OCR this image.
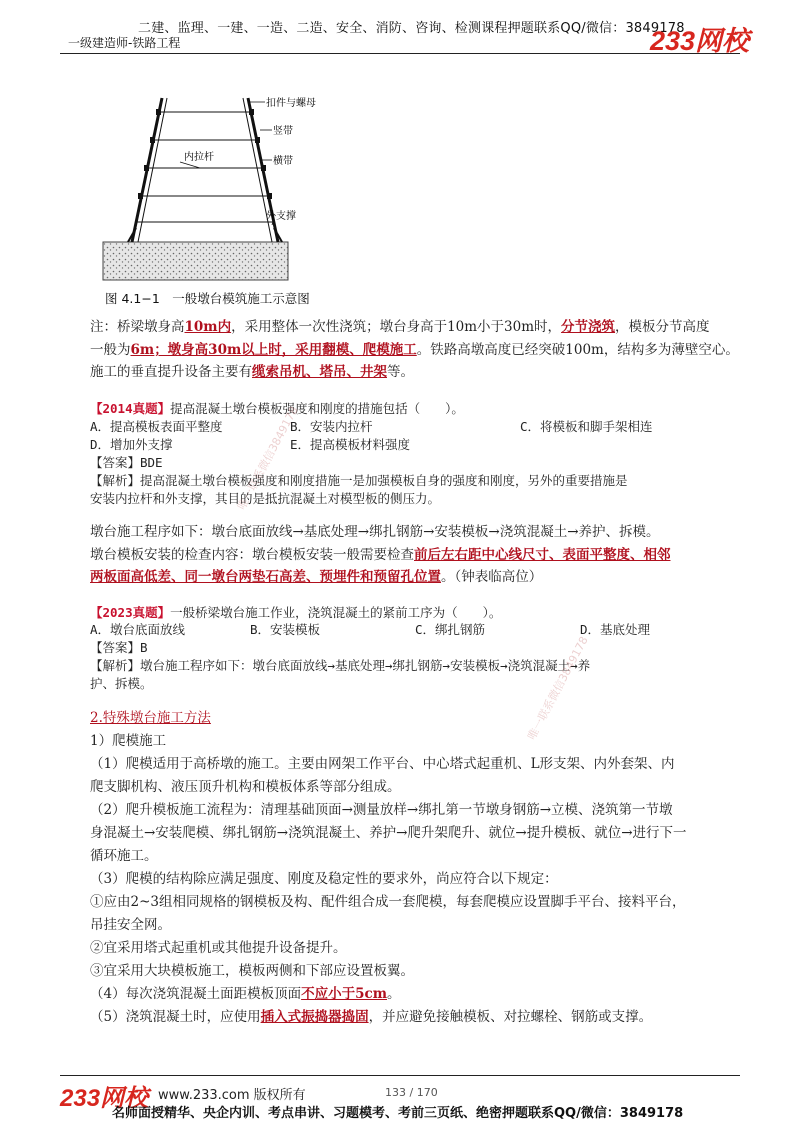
二建、监理、一建、一造、二造、安全、消防、咨询、检测课程押题联系QQ/微信：3849178
233网校
一级建造师-铁路工程
扣件与螺母
竖带
内拉杆	横带
外支撑
图 4.1−1　一般墩台模筑施工示意图
注：桥梁墩身高10m内，采用整体一次性浇筑；墩台身高于10m小于30m时，分节浇筑，模板分节高度
一般为6m；墩身高30m以上时，采用翻模、爬模施工。铁路高墩高度已经突破100m，结构多为薄壁空心。
施工的垂直提升设备主要有缆索吊机、塔吊、井架等。
【2014真题】提高混凝土墩台模板强度和刚度的措施包括（　　）。
A．提高模板表面平整度	B．安装内拉杆	C．将模板和脚手架相连
D．增加外支撑	E．提高模板材料强度
【答案】BDE
【解析】提高混凝土墩台模板强度和刚度措施一是加强模板自身的强度和刚度，另外的重要措施是
安装内拉杆和外支撑，其目的是抵抗混凝土对模型板的侧压力。
墩台施工程序如下：墩台底面放线→基底处理→绑扎钢筋→安装模板→浇筑混凝土→养护、拆模。
墩台模板安装的检查内容：墩台模板安装一般需要检查前后左右距中心线尺寸、表面平整度、相邻
两板面高低差、同一墩台两垫石高差、预埋件和预留孔位置。（钟表临高位）
【2023真题】一般桥梁墩台施工作业，浇筑混凝土的紧前工序为（　　）。
A．墩台底面放线	B．安装模板	C．绑扎钢筋	D．基底处理
【答案】B
【解析】墩台施工程序如下：墩台底面放线→基底处理→绑扎钢筋→安装模板→浇筑混凝土→养
护、拆模。
2.特殊墩台施工方法
1）爬模施工
（1）爬模适用于高桥墩的施工。主要由网架工作平台、中心塔式起重机、L形支架、内外套架、内
爬支脚机构、液压顶升机构和模板体系等部分组成。
（2）爬升模板施工流程为：清理基础顶面→测量放样→绑扎第一节墩身钢筋→立模、浇筑第一节墩
身混凝土→安装爬模、绑扎钢筋→浇筑混凝土、养护→爬升架爬升、就位→提升模板、就位→进行下一
循环施工。
（3）爬模的结构除应满足强度、刚度及稳定性的要求外，尚应符合以下规定：
①应由2~3组相同规格的钢模板及构、配件组合成一套爬模，每套爬模应设置脚手平台、接料平台，
吊挂安全网。
②宜采用塔式起重机或其他提升设备提升。
③宜采用大块模板施工，模板两侧和下部应设置板翼。
（4）每次浇筑混凝土面距模板顶面不应小于5cm。
（5）浇筑混凝土时，应使用插入式振捣器捣固，并应避免接触模板、对拉螺栓、钢筋或支撑。
唯一联系微信3849178
唯一联系微信3849178
233网校 www.233.com 版权所有	133 / 170
名师面授精华、央企内训、考点串讲、习题模考、考前三页纸、绝密押题联系QQ/微信：3849178
